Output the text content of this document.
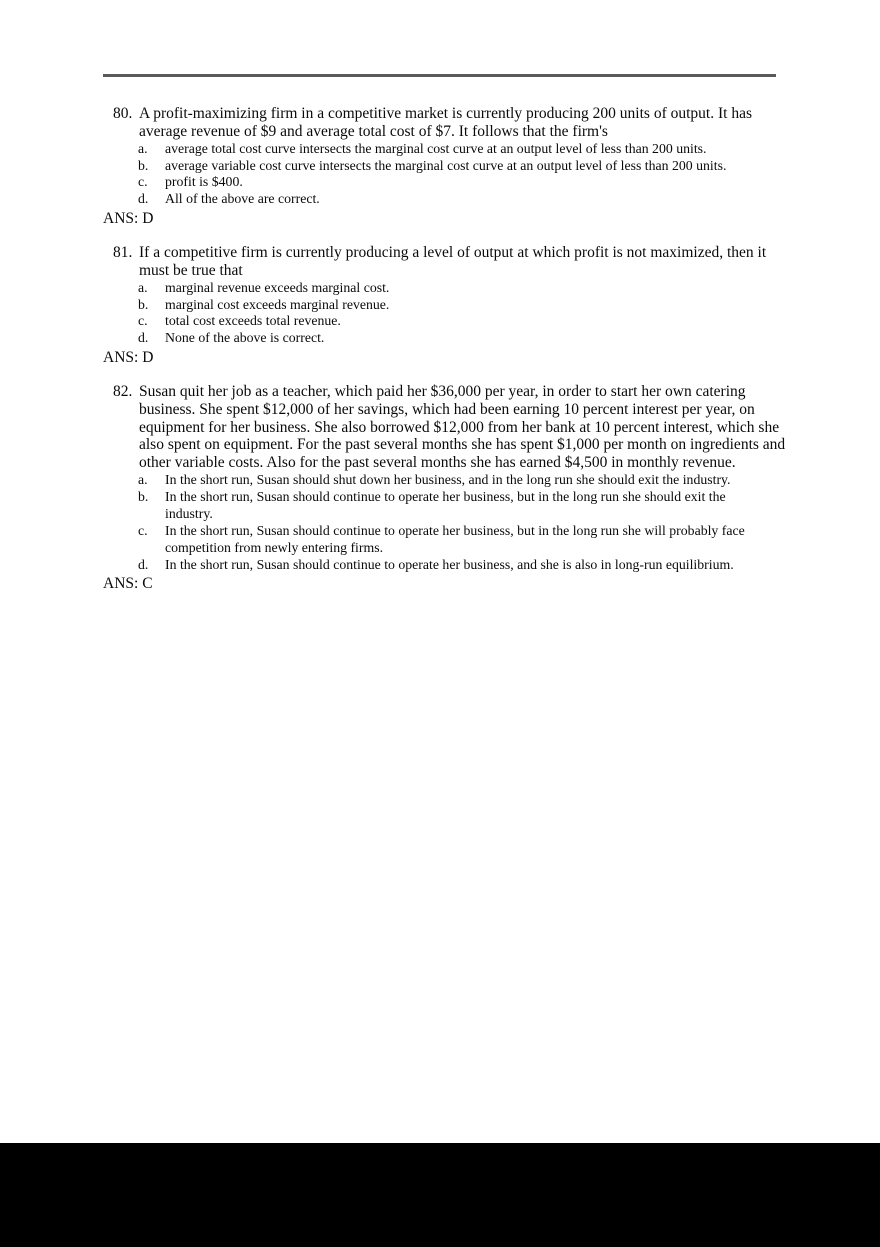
80. A profit-maximizing firm in a competitive market is currently producing 200 units of output. It has average revenue of $9 and average total cost of $7. It follows that the firm's
a.	average total cost curve intersects the marginal cost curve at an output level of less than 200 units.
b.	average variable cost curve intersects the marginal cost curve at an output level of less than 200 units.
c.	profit is $400.
d.	All of the above are correct.
ANS: D
81. If a competitive firm is currently producing a level of output at which profit is not maximized, then it must be true that
a.	marginal revenue exceeds marginal cost.
b.	marginal cost exceeds marginal revenue.
c.	total cost exceeds total revenue.
d.	None of the above is correct.
ANS: D
82. Susan quit her job as a teacher, which paid her $36,000 per year, in order to start her own catering business. She spent $12,000 of her savings, which had been earning 10 percent interest per year, on equipment for her business. She also borrowed $12,000 from her bank at 10 percent interest, which she also spent on equipment. For the past several months she has spent $1,000 per month on ingredients and other variable costs. Also for the past several months she has earned $4,500 in monthly revenue.
a.	In the short run, Susan should shut down her business, and in the long run she should exit the industry.
b.	In the short run, Susan should continue to operate her business, but in the long run she should exit the industry.
c.	In the short run, Susan should continue to operate her business, but in the long run she will probably face competition from newly entering firms.
d.	In the short run, Susan should continue to operate her business, and she is also in long-run equilibrium.
ANS: C
